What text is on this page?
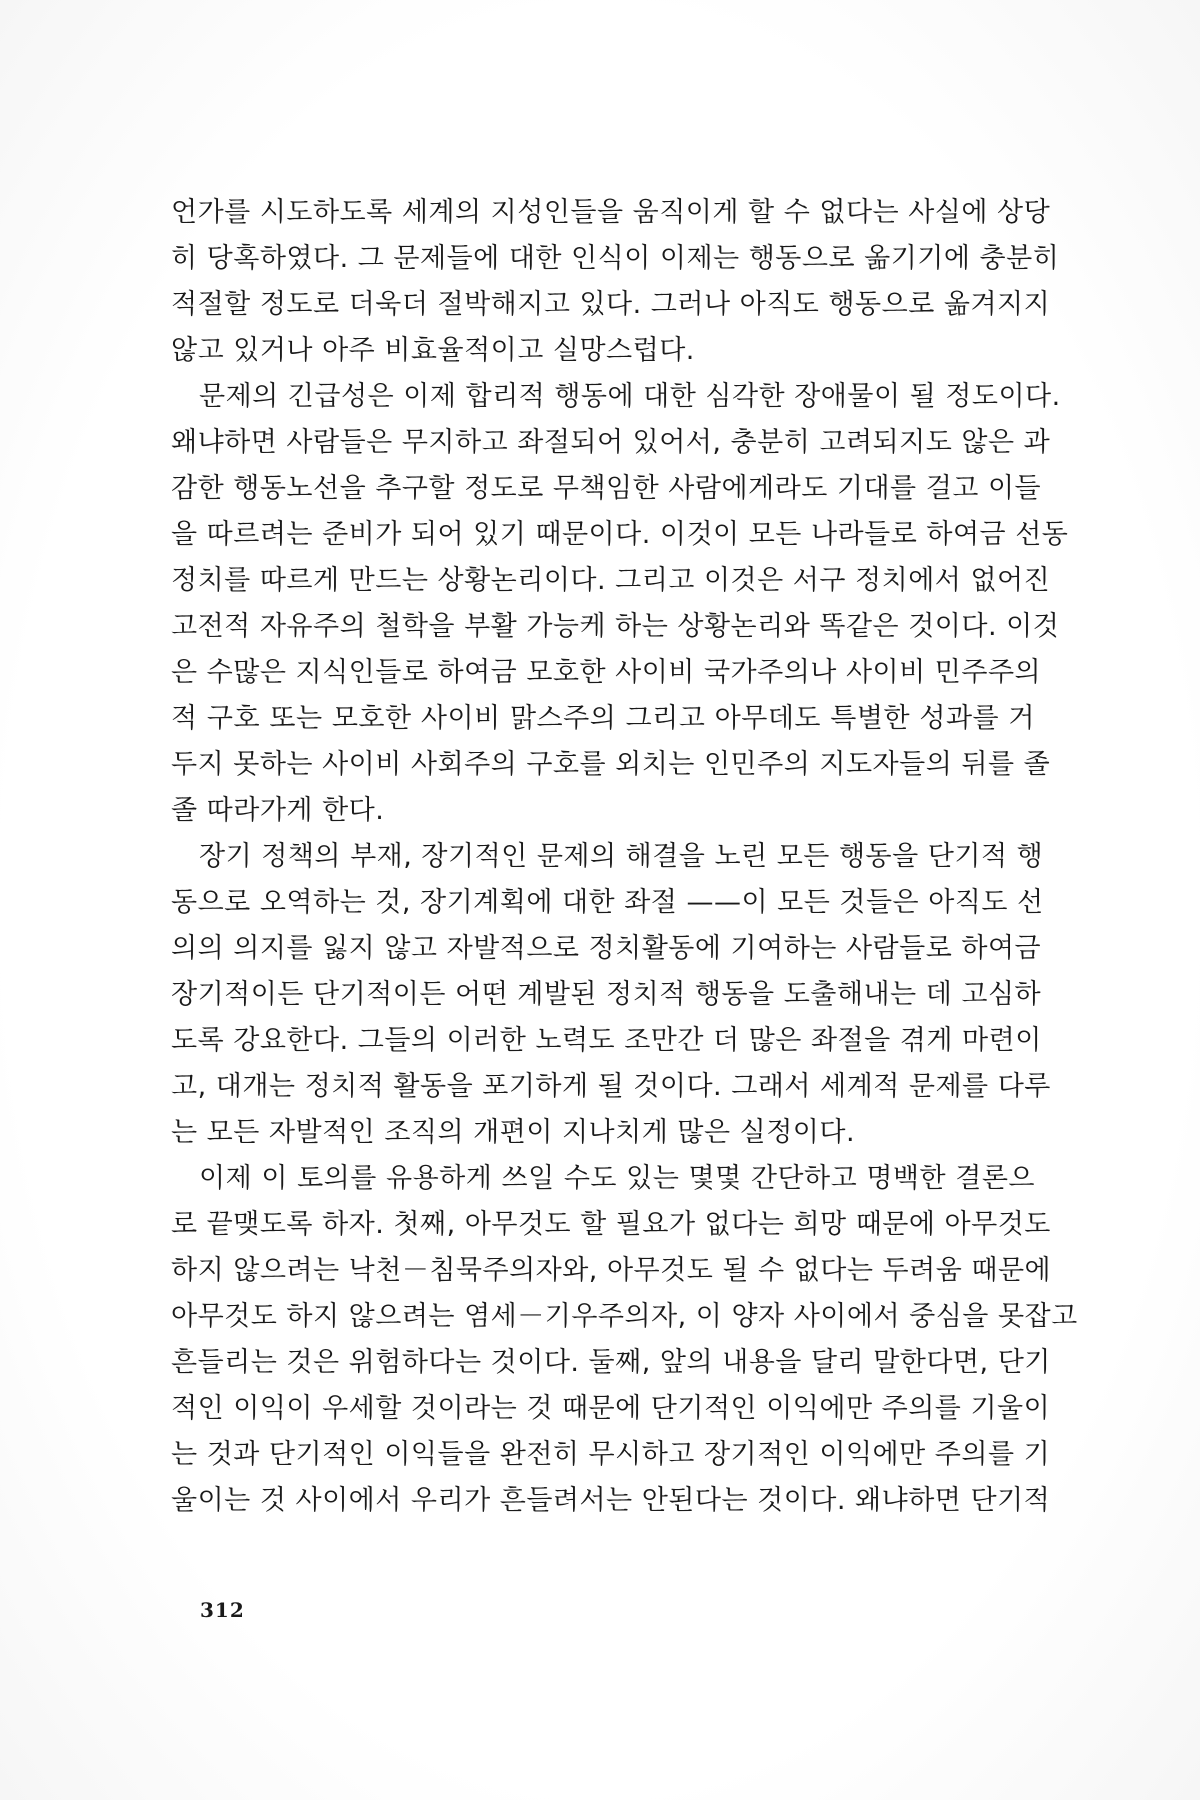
언가를 시도하도록 세계의 지성인들을 움직이게 할 수 없다는 사실에 상당
히 당혹하였다. 그 문제들에 대한 인식이 이제는 행동으로 옮기기에 충분히
적절할 정도로 더욱더 절박해지고 있다. 그러나 아직도 행동으로 옮겨지지
않고 있거나 아주 비효율적이고 실망스럽다.
문제의 긴급성은 이제 합리적 행동에 대한 심각한 장애물이 될 정도이다.
왜냐하면 사람들은 무지하고 좌절되어 있어서, 충분히 고려되지도 않은 과
감한 행동노선을 추구할 정도로 무책임한 사람에게라도 기대를 걸고 이들
을 따르려는 준비가 되어 있기 때문이다. 이것이 모든 나라들로 하여금 선동
정치를 따르게 만드는 상황논리이다. 그리고 이것은 서구 정치에서 없어진
고전적 자유주의 철학을 부활 가능케 하는 상황논리와 똑같은 것이다. 이것
은 수많은 지식인들로 하여금 모호한 사이비 국가주의나 사이비 민주주의
적 구호 또는 모호한 사이비 맑스주의 그리고 아무데도 특별한 성과를 거
두지 못하는 사이비 사회주의 구호를 외치는 인민주의 지도자들의 뒤를 졸
졸 따라가게 한다.
장기 정책의 부재, 장기적인 문제의 해결을 노린 모든 행동을 단기적 행
동으로 오역하는 것, 장기계획에 대한 좌절 ——이 모든 것들은 아직도 선
의의 의지를 잃지 않고 자발적으로 정치활동에 기여하는 사람들로 하여금
장기적이든 단기적이든 어떤 계발된 정치적 행동을 도출해내는 데 고심하
도록 강요한다. 그들의 이러한 노력도 조만간 더 많은 좌절을 겪게 마련이
고, 대개는 정치적 활동을 포기하게 될 것이다. 그래서 세계적 문제를 다루
는 모든 자발적인 조직의 개편이 지나치게 많은 실정이다.
이제 이 토의를 유용하게 쓰일 수도 있는 몇몇 간단하고 명백한 결론으
로 끝맺도록 하자. 첫째, 아무것도 할 필요가 없다는 희망 때문에 아무것도
하지 않으려는 낙천－침묵주의자와, 아무것도 될 수 없다는 두려움 때문에
아무것도 하지 않으려는 염세－기우주의자, 이 양자 사이에서 중심을 못잡고
흔들리는 것은 위험하다는 것이다. 둘째, 앞의 내용을 달리 말한다면, 단기
적인 이익이 우세할 것이라는 것 때문에 단기적인 이익에만 주의를 기울이
는 것과 단기적인 이익들을 완전히 무시하고 장기적인 이익에만 주의를 기
울이는 것 사이에서 우리가 흔들려서는 안된다는 것이다. 왜냐하면 단기적
312
